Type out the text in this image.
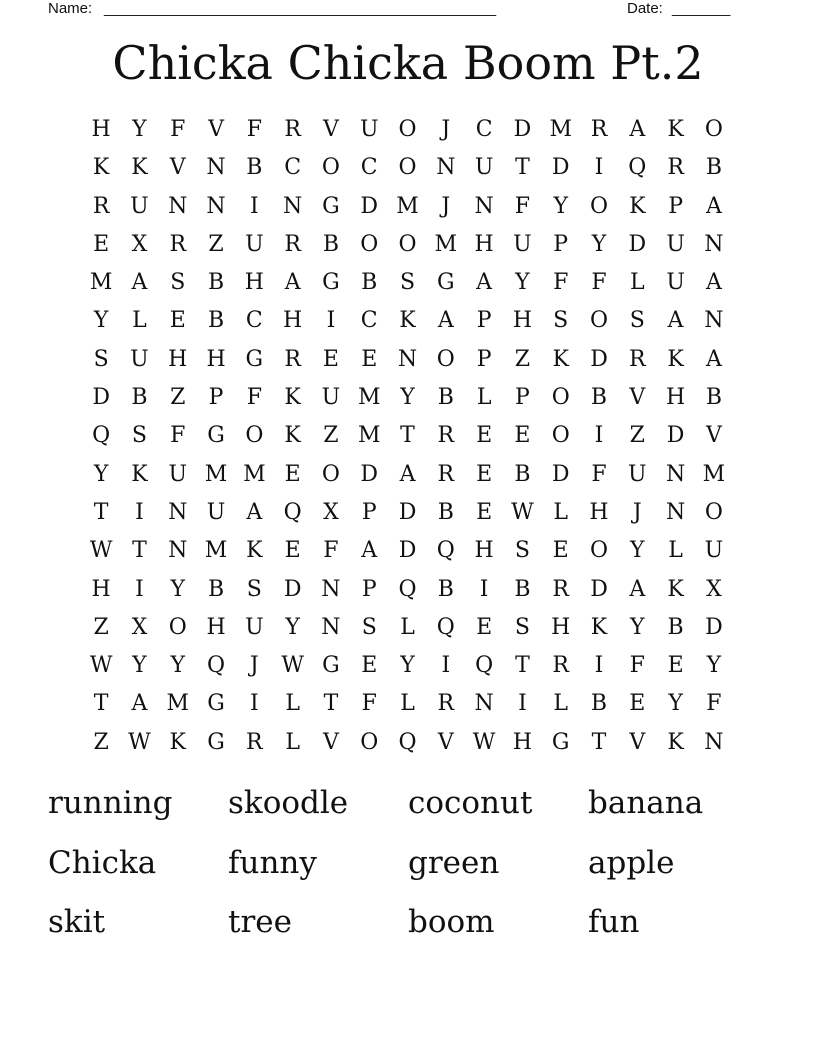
Name: _______________________________________________	Date: _______
Chicka Chicka Boom Pt.2
H Y	F	V	F	R	V U O	J	C D M R	A	K O
K K	V N B C O C O N U T	D	I	Q R B
R U N N	I	N G D M	J	N F	Y	O K	P	A
E	X	R	Z U R B O O M H U P	Y	D U N
M A	S	B H A G B	S G A	Y	F	F	L U A
Y	L	E	B C H	I	C K	A	P H S O S	A N
S U H H G R E	E N O P	Z	K D R K	A
D B	Z	P	F	K U M Y	B	L	P O B	V H B
Q S	F G O K	Z M T	R E	E O	I	Z D V
Y	K U M M E O D A	R E	B D F U N M
T	I	N U A Q X	P	D B	E W L H	J	N O
W T N M K	E	F	A D Q H S	E O	Y	L U
H	I	Y	B	S D N P Q B	I	B R D A	K	X
Z	X O H U Y N S	L Q E	S H K	Y	B D
W Y	Y	Q	J	W G E	Y	I	Q T	R	I	F	E	Y
T	A M G	I	L	T	F	L	R N	I	L	B	E	Y	F
Z W K G R	L	V O Q V W H G	T	V	K N
running	skoodle	coconut	banana
Chicka	funny	green	apple
skit	tree	boom	fun
